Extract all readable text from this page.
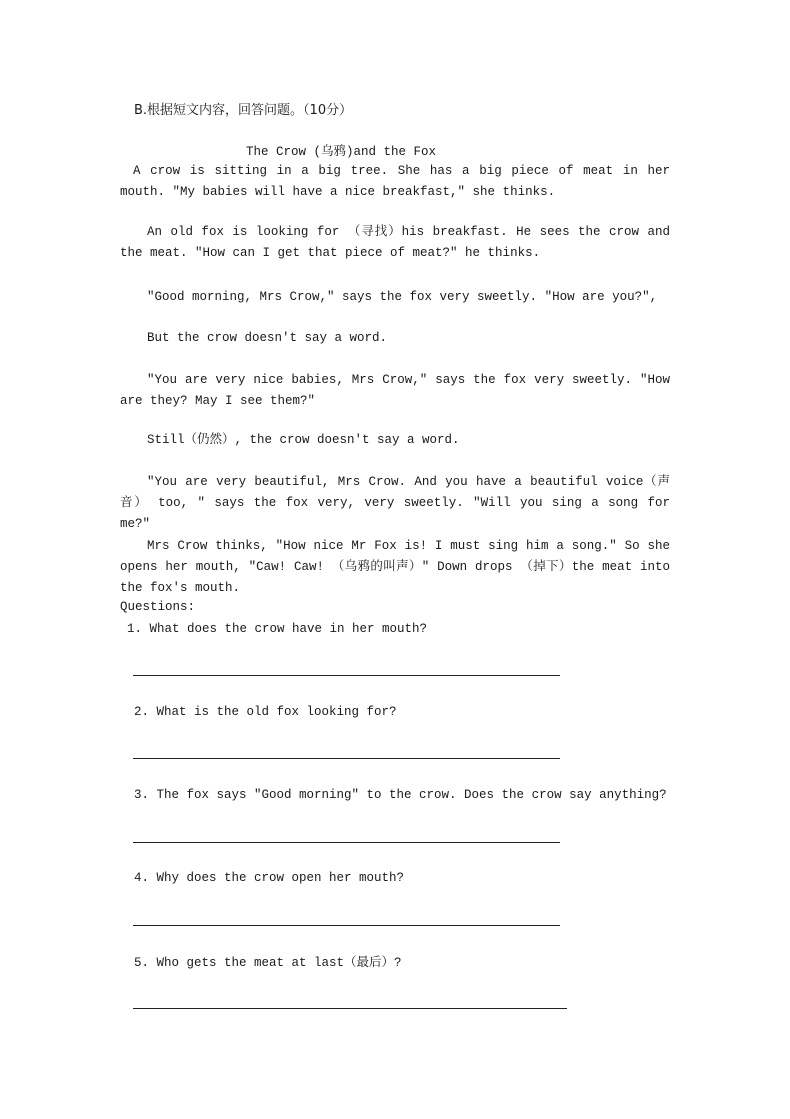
B.根据短文内容，回答问题。（10分）
The Crow (乌鸦)and the Fox
A crow is sitting in a big tree. She has a big piece of meat in her mouth. "My babies will have a nice breakfast," she thinks.
An old fox is looking for （寻找）his breakfast. He sees the crow and the meat. "How can I get that piece of meat?" he thinks.
"Good morning, Mrs Crow," says the fox very sweetly. "How are you?",
But the crow doesn't say a word.
"You are very nice babies, Mrs Crow," says the fox very sweetly. "How are they? May I see them?"
Still（仍然）, the crow doesn't say a word.
"You are very beautiful, Mrs Crow. And you have a beautiful voice（声音） too, " says the fox very, very sweetly. "Will you sing a song for me?"
Mrs Crow thinks, "How nice Mr Fox is! I must sing him a song." So she opens her mouth, "Caw! Caw! （乌鸦的叫声）" Down drops （掉下）the meat into the fox's mouth.
Questions:
1. What does the crow have in her mouth?
2. What is the old fox looking for?
3. The fox says "Good morning" to the crow. Does the crow say anything?
4. Why does the crow open her mouth?
5. Who gets the meat at last（最后）?
